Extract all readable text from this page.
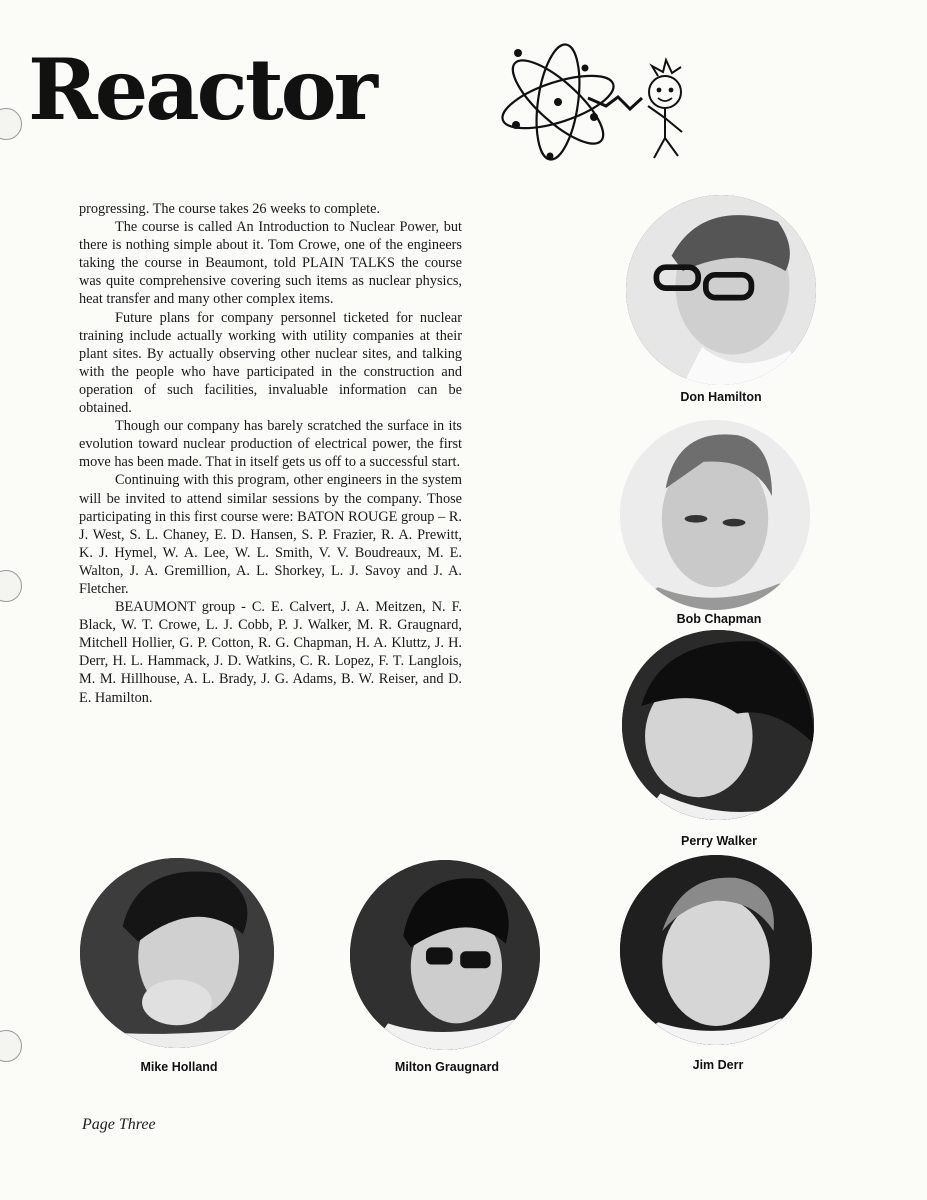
Reactor

progressing. The course takes 26 weeks to complete.

The course is called An Introduction to Nuclear Power, but there is nothing simple about it. Tom Crowe, one of the engineers taking the course in Beaumont, told PLAIN TALKS the course was quite comprehensive covering such items as nuclear physics, heat transfer and many other complex items.

Future plans for company personnel ticketed for nuclear training include actually working with utility companies at their plant sites. By actually observing other nuclear sites, and talking with the people who have participated in the construction and operation of such facilities, invaluable information can be obtained.

Though our company has barely scratched the surface in its evolution toward nuclear production of electrical power, the first move has been made. That in itself gets us off to a successful start.

Continuing with this program, other engineers in the system will be invited to attend similar sessions by the company. Those participating in this first course were: BATON ROUGE group – R. J. West, S. L. Chaney, E. D. Hansen, S. P. Frazier, R. A. Prewitt, K. J. Hymel, W. A. Lee, W. L. Smith, V. V. Boudreaux, M. E. Walton, J. A. Gremillion, A. L. Shorkey, L. J. Savoy and J. A. Fletcher.

BEAUMONT group - C. E. Calvert, J. A. Meitzen, N. F. Black, W. T. Crowe, L. J. Cobb, P. J. Walker, M. R. Graugnard, Mitchell Hollier, G. P. Cotton, R. G. Chapman, H. A. Kluttz, J. H. Derr, H. L. Hammack, J. D. Watkins, C. R. Lopez, F. T. Langlois, M. M. Hillhouse, A. L. Brady, J. G. Adams, B. W. Reiser, and D. E. Hamilton.

Don Hamilton
Bob Chapman
Perry Walker
Mike Holland	Milton Graugnard	Jim Derr
Page Three
